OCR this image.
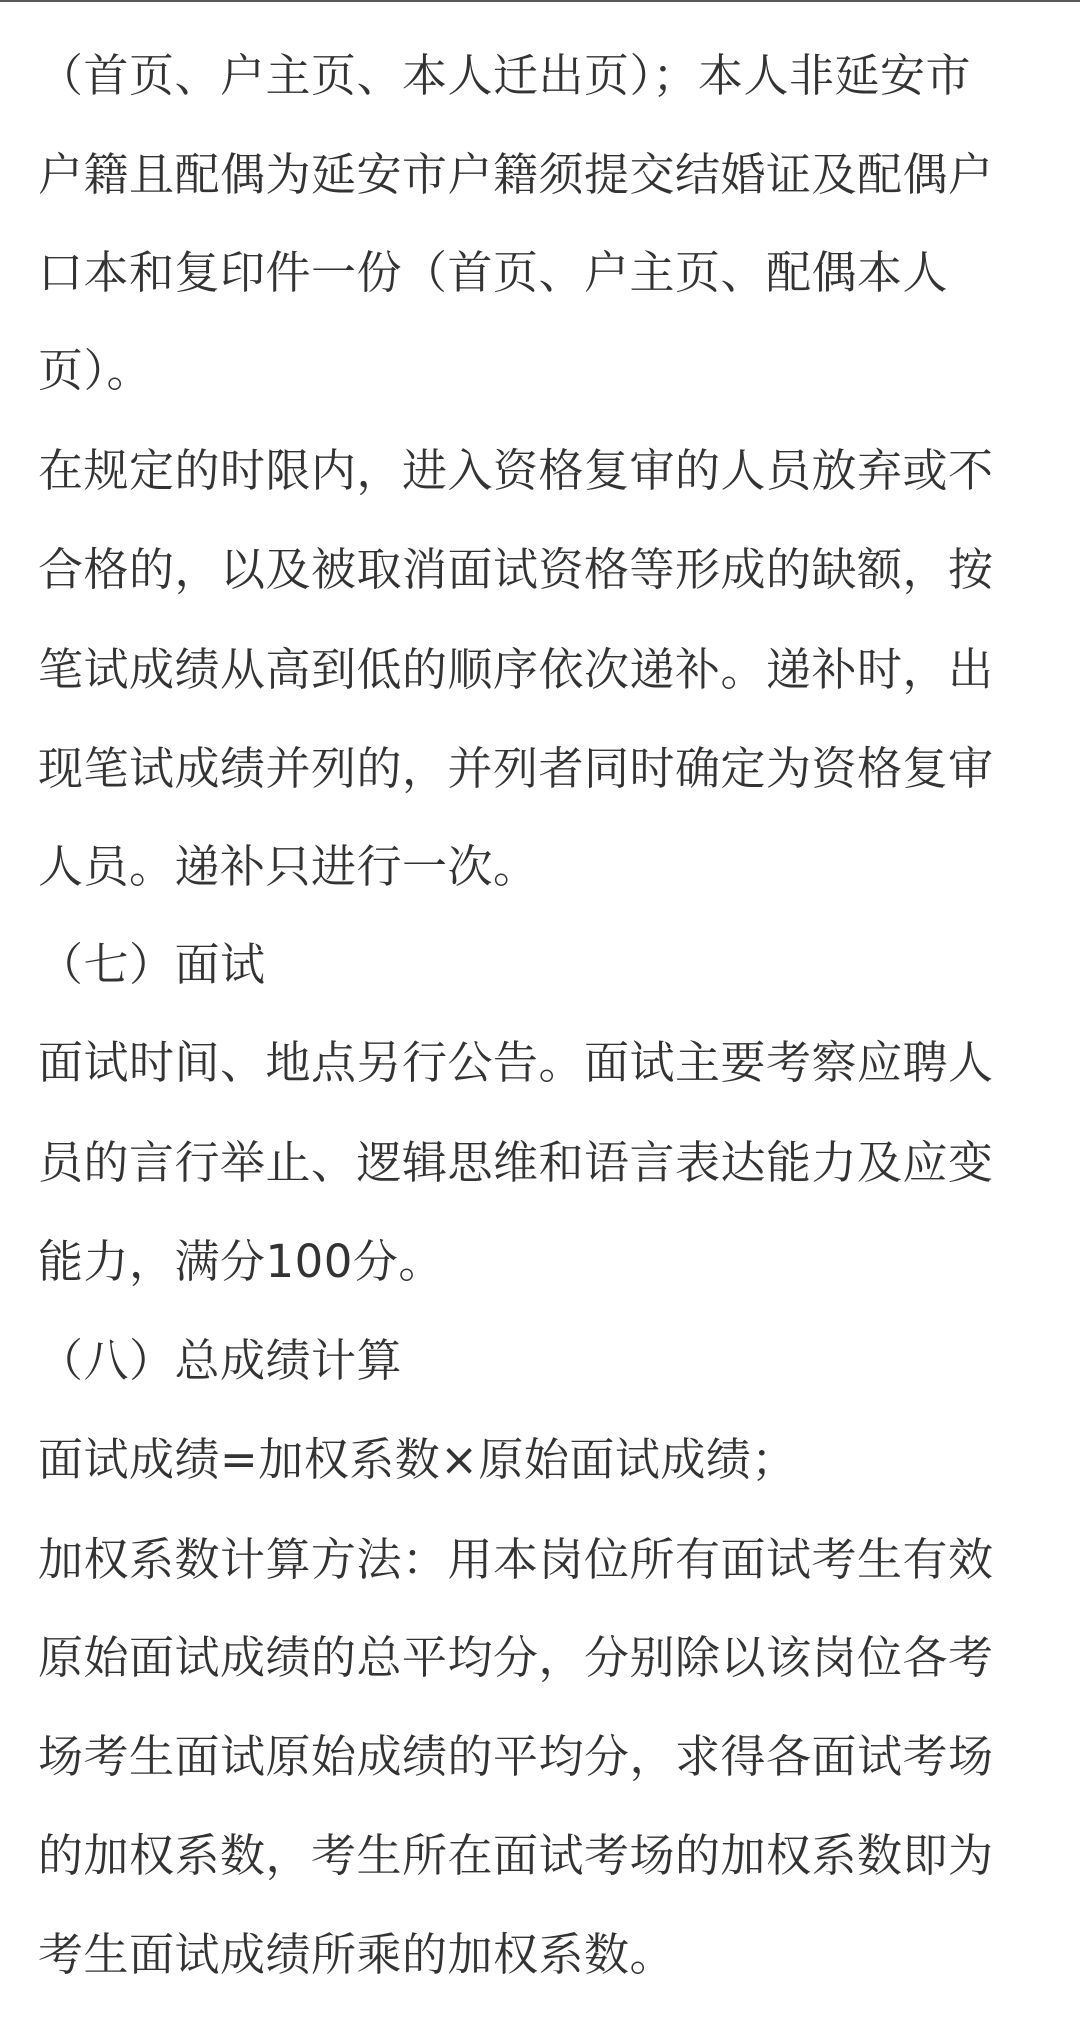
（首页、户主页、本人迁出页）；本人非延安市
户籍且配偶为延安市户籍须提交结婚证及配偶户
口本和复印件一份（首页、户主页、配偶本人
页）。
在规定的时限内，进入资格复审的人员放弃或不
合格的，以及被取消面试资格等形成的缺额，按
笔试成绩从高到低的顺序依次递补。递补时，出
现笔试成绩并列的，并列者同时确定为资格复审
人员。递补只进行一次。
（七）面试
面试时间、地点另行公告。面试主要考察应聘人
员的言行举止、逻辑思维和语言表达能力及应变
能力，满分100分。
（八）总成绩计算
面试成绩=加权系数×原始面试成绩；
加权系数计算方法：用本岗位所有面试考生有效
原始面试成绩的总平均分，分别除以该岗位各考
场考生面试原始成绩的平均分，求得各面试考场
的加权系数，考生所在面试考场的加权系数即为
考生面试成绩所乘的加权系数。
